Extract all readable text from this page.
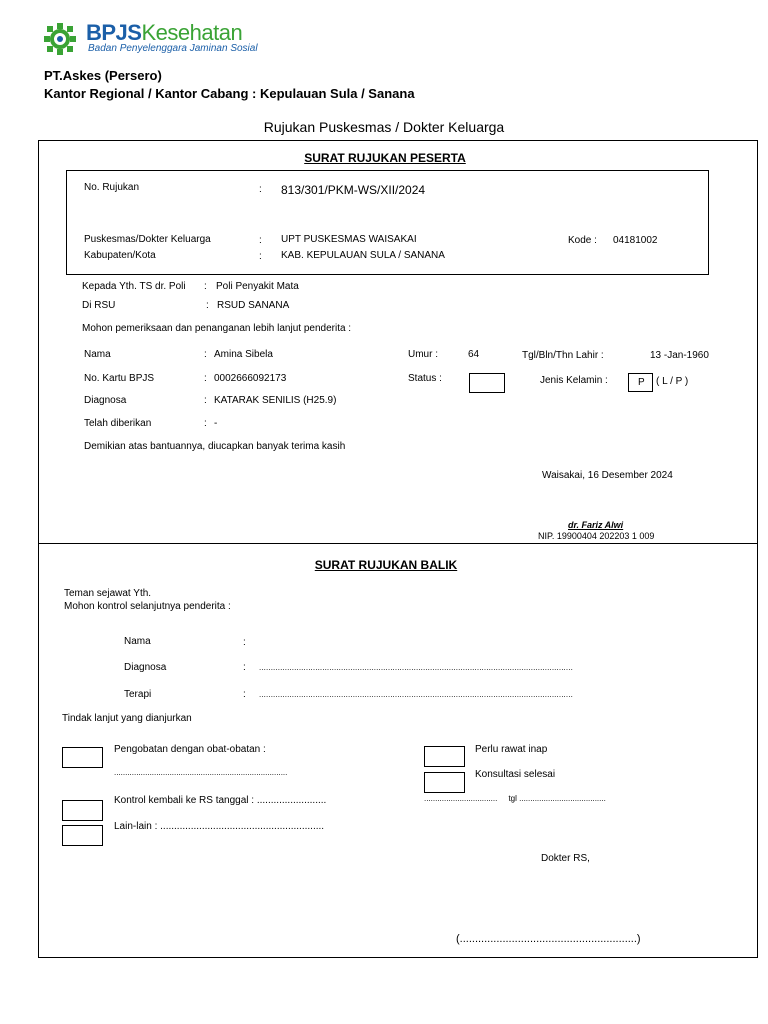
BPJSKesehatan
Badan Penyelenggara Jaminan Sosial
PT.Askes (Persero)
Kantor Regional / Kantor Cabang : Kepulauan Sula / Sanana
Rujukan Puskesmas / Dokter Keluarga
SURAT RUJUKAN PESERTA
No. Rujukan	: 813/301/PKM-WS/XII/2024
Puskesmas/Dokter Keluarga	: UPT PUSKESMAS WAISAKAI	Kode : 04181002
Kabupaten/Kota	: KAB. KEPULAUAN SULA / SANANA
Kepada Yth. TS dr. Poli : Poli Penyakit Mata
Di RSU	: RSUD SANANA
Mohon pemeriksaan dan penanganan lebih lanjut penderita :
Nama	: Amina Sibela	Umur :	64	Tgl/Bln/Thn Lahir :	13 -Jan-1960
No. Kartu BPJS	: 0002666092173	Status :	Jenis Kelamin :	P ( L / P )
Diagnosa	: KATARAK SENILIS (H25.9)
Telah diberikan	: -
Demikian atas bantuannya, diucapkan banyak terima kasih
Waisakai, 16 Desember 2024
dr. Fariz Alwi
NIP. 19900404 202203 1 009
SURAT RUJUKAN BALIK
Teman sejawat Yth.
Mohon kontrol selanjutnya penderita :
Nama	:
Diagnosa	: ......................................................................................................................................
Terapi	: ......................................................................................................................................
Tindak lanjut yang dianjurkan
Pengobatan dengan obat-obatan :
..............................................................................
Kontrol kembali ke RS tanggal : .........................
Lain-lain : ...........................................................
Perlu rawat inap
Konsultasi selesai
.................................     tgl .......................................
Dokter RS,
(..........................................................)
